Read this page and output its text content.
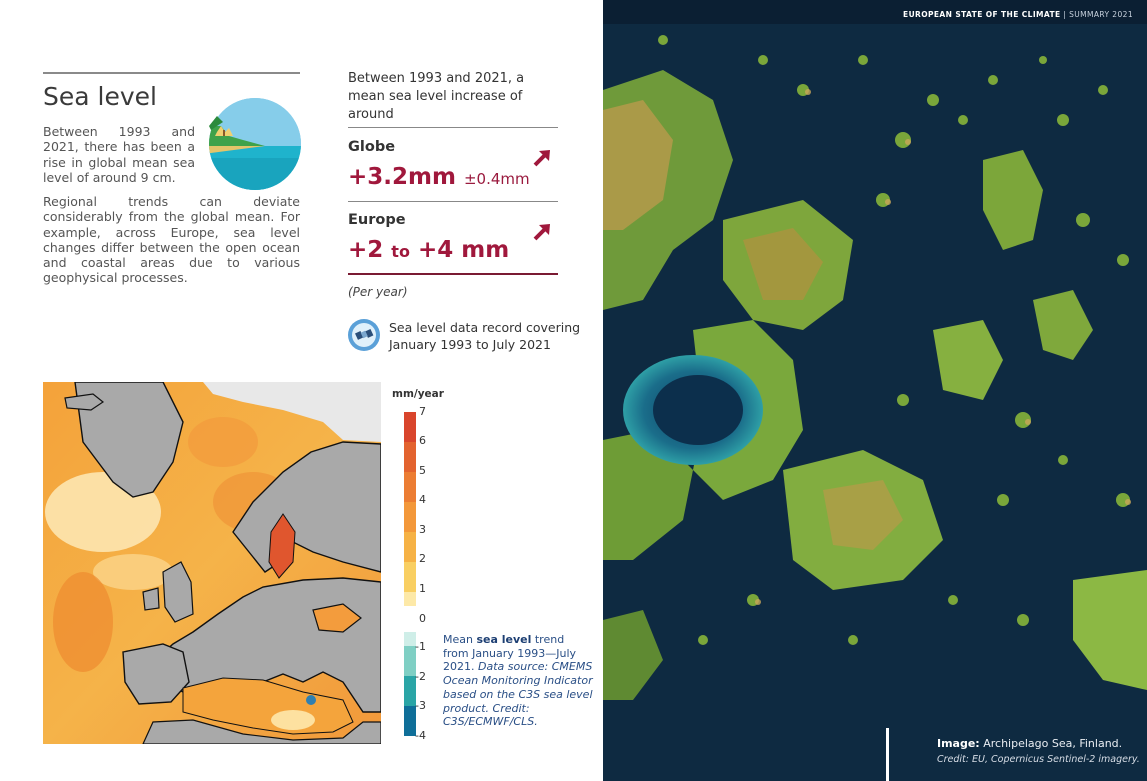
Sea level

Between 1993 and 2021, there has been a rise in global mean sea level of around 9 cm.

Regional trends can deviate considerably from the global mean. For example, across Europe, sea level changes differ between the open ocean and coastal areas due to various geophysical processes.

Between 1993 and 2021, a mean sea level increase of around

Globe
+3.2mm ±0.4mm
Europe
+2 to +4 mm
(Per year)
Sea level data record covering January 1993 to July 2021
mm/year
7
6
5
4
3
2
1
0
-1
-2
-3
-4

Mean sea level trend from January 1993—July 2021. Data source: CMEMS Ocean Monitoring Indicator based on the C3S sea level product. Credit: C3S/ECMWF/CLS.

EUROPEAN STATE OF THE CLIMATE | SUMMARY 2021
Image: Archipelago Sea, Finland.
Credit: EU, Copernicus Sentinel-2 imagery.
